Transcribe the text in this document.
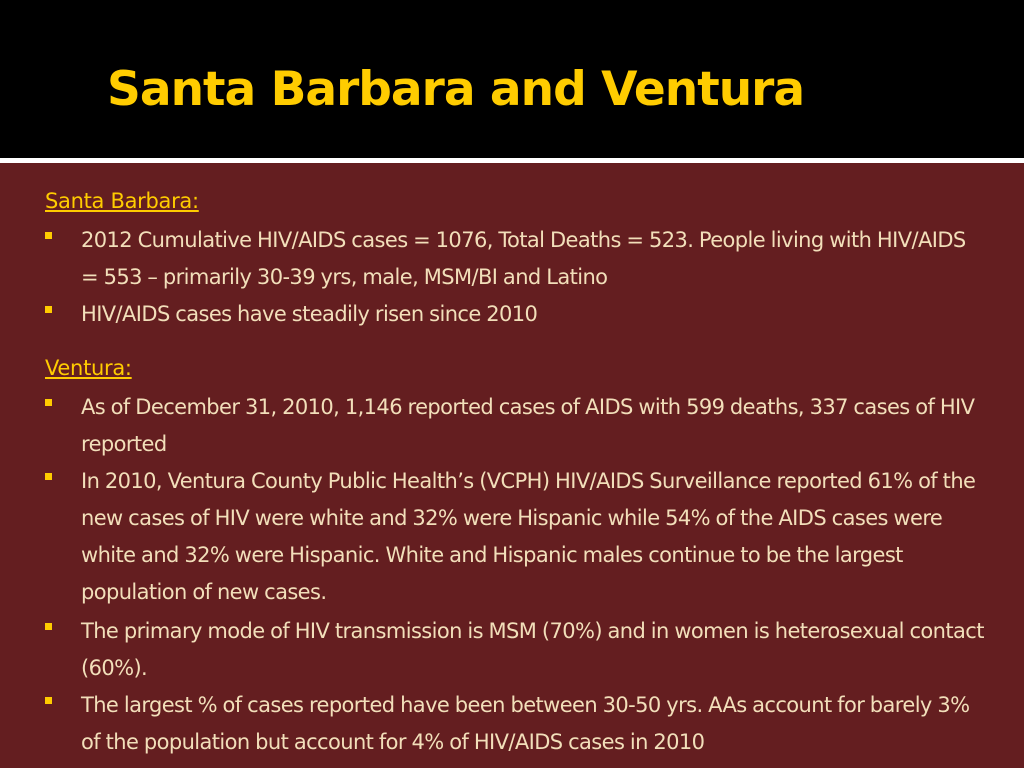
Santa Barbara and Ventura
Santa Barbara:
2012 Cumulative HIV/AIDS cases = 1076, Total Deaths = 523. People living with HIV/AIDS = 553 – primarily 30-39 yrs, male, MSM/BI and Latino
HIV/AIDS cases have steadily risen since 2010
Ventura:
As of December 31, 2010, 1,146 reported cases of AIDS with 599 deaths, 337 cases of HIV reported
In 2010, Ventura County Public Health’s (VCPH) HIV/AIDS Surveillance reported 61% of the new cases of HIV were white and 32% were Hispanic while 54% of the AIDS cases were white and 32% were Hispanic. White and Hispanic males continue to be the largest population of new cases.
The primary mode of HIV transmission is MSM (70%) and in women is heterosexual contact (60%).
The largest % of cases reported have been between 30-50 yrs. AAs account for barely 3% of the population but account for 4% of HIV/AIDS cases in 2010
